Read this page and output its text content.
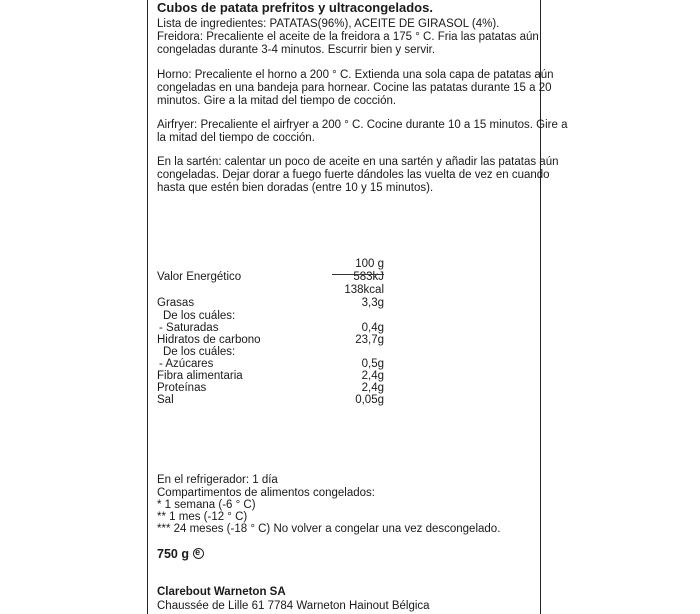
Cubos de patata prefritos y ultracongelados.
Lista de ingredientes: PATATAS(96%), ACEITE DE GIRASOL (4%).
Freidora: Precaliente el aceite de la freidora a 175 ° C. Fria las patatas aún
congeladas durante 3-4 minutos. Escurrir bien y servir.
Horno: Precaliente el horno a 200 ° C. Extienda una sola capa de patatas aún
congeladas en una bandeja para hornear. Cocine las patatas durante 15 a 20
minutos. Gire a la mitad del tiempo de cocción.
Airfryer: Precaliente el airfryer a 200 ° C. Cocine durante 10 a 15 minutos. Gire a
la mitad del tiempo de cocción.
En la sartén: calentar un poco de aceite en una sartén y añadir las patatas aún
congeladas. Dejar dorar a fuego fuerte dándoles las vuelta de vez en cuando
hasta que estén bien doradas (entre 10 y 15 minutos).
Valor Energético
Grasas
De los cuáles:
- Saturadas
Hidratos de carbono
De los cuáles:
- Azúcares
Fibra alimentaria
Proteínas
Sal
100 g
583kJ
138kcal
3,3g
0,4g
23,7g
0,5g
2,4g
2,4g
0,05g
En el refrigerador: 1 día
Compartimentos de alimentos congelados:
* 1 semana (-6 ° C)
** 1 mes (-12 ° C)
*** 24 meses (-18 ° C) No volver a congelar una vez descongelado.
750 g e
Clarebout Warneton SA
Chaussée de Lille 61 7784 Warneton Hainout Bélgica
